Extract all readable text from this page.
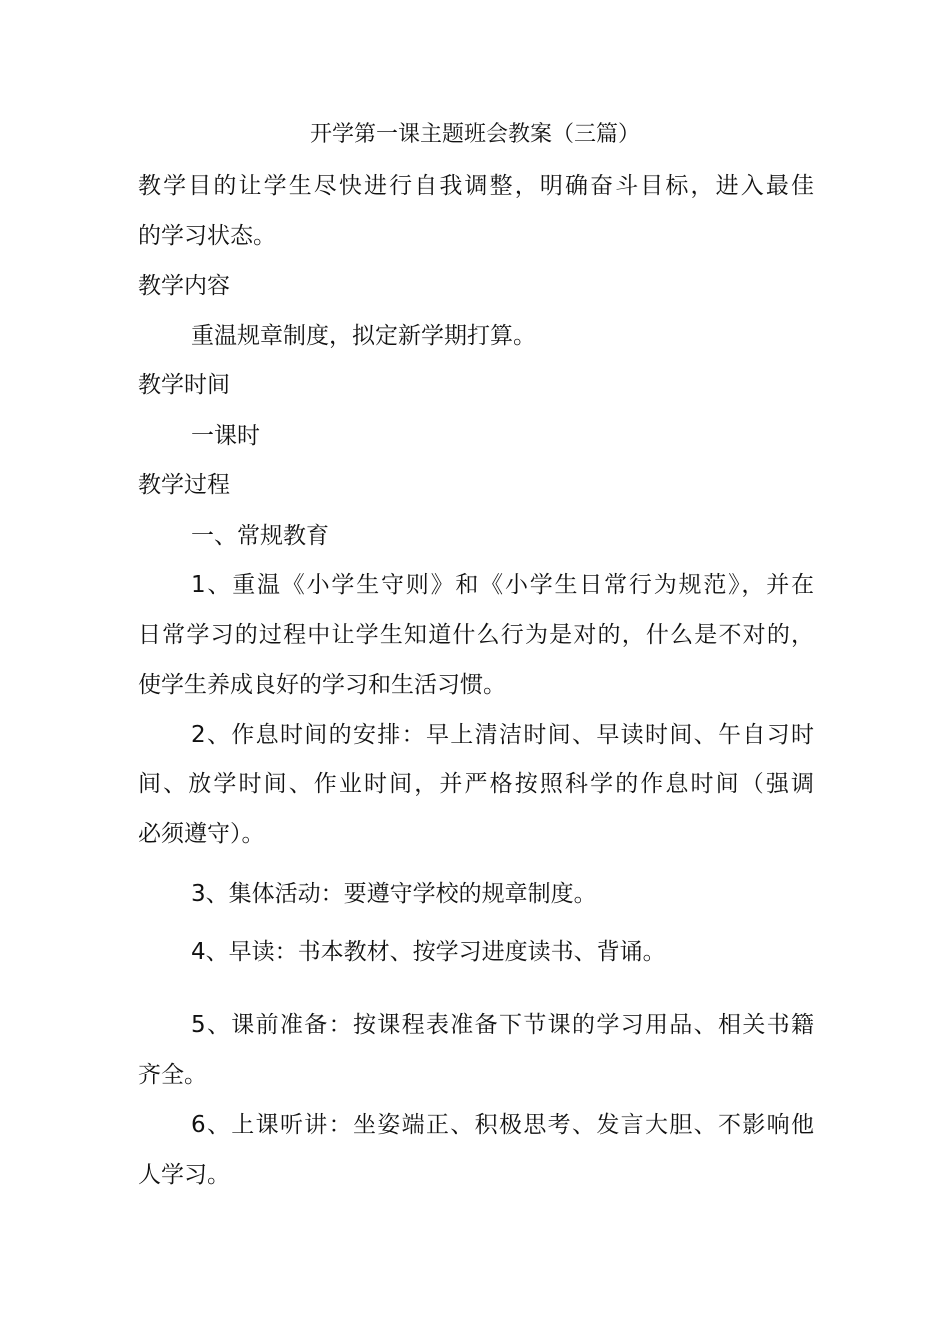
开学第一课主题班会教案（三篇）
教学目的让学生尽快进行自我调整，明确奋斗目标，进入最佳
的学习状态。
教学内容
重温规章制度，拟定新学期打算。
教学时间
一课时
教学过程
一、常规教育
1、重温《小学生守则》和《小学生日常行为规范》，并在
日常学习的过程中让学生知道什么行为是对的，什么是不对的，
使学生养成良好的学习和生活习惯。
2、作息时间的安排：早上清洁时间、早读时间、午自习时
间、放学时间、作业时间，并严格按照科学的作息时间（强调
必须遵守）。
3、集体活动：要遵守学校的规章制度。
4、早读：书本教材、按学习进度读书、背诵。
5、课前准备：按课程表准备下节课的学习用品、相关书籍
齐全。
6、上课听讲：坐姿端正、积极思考、发言大胆、不影响他
人学习。
